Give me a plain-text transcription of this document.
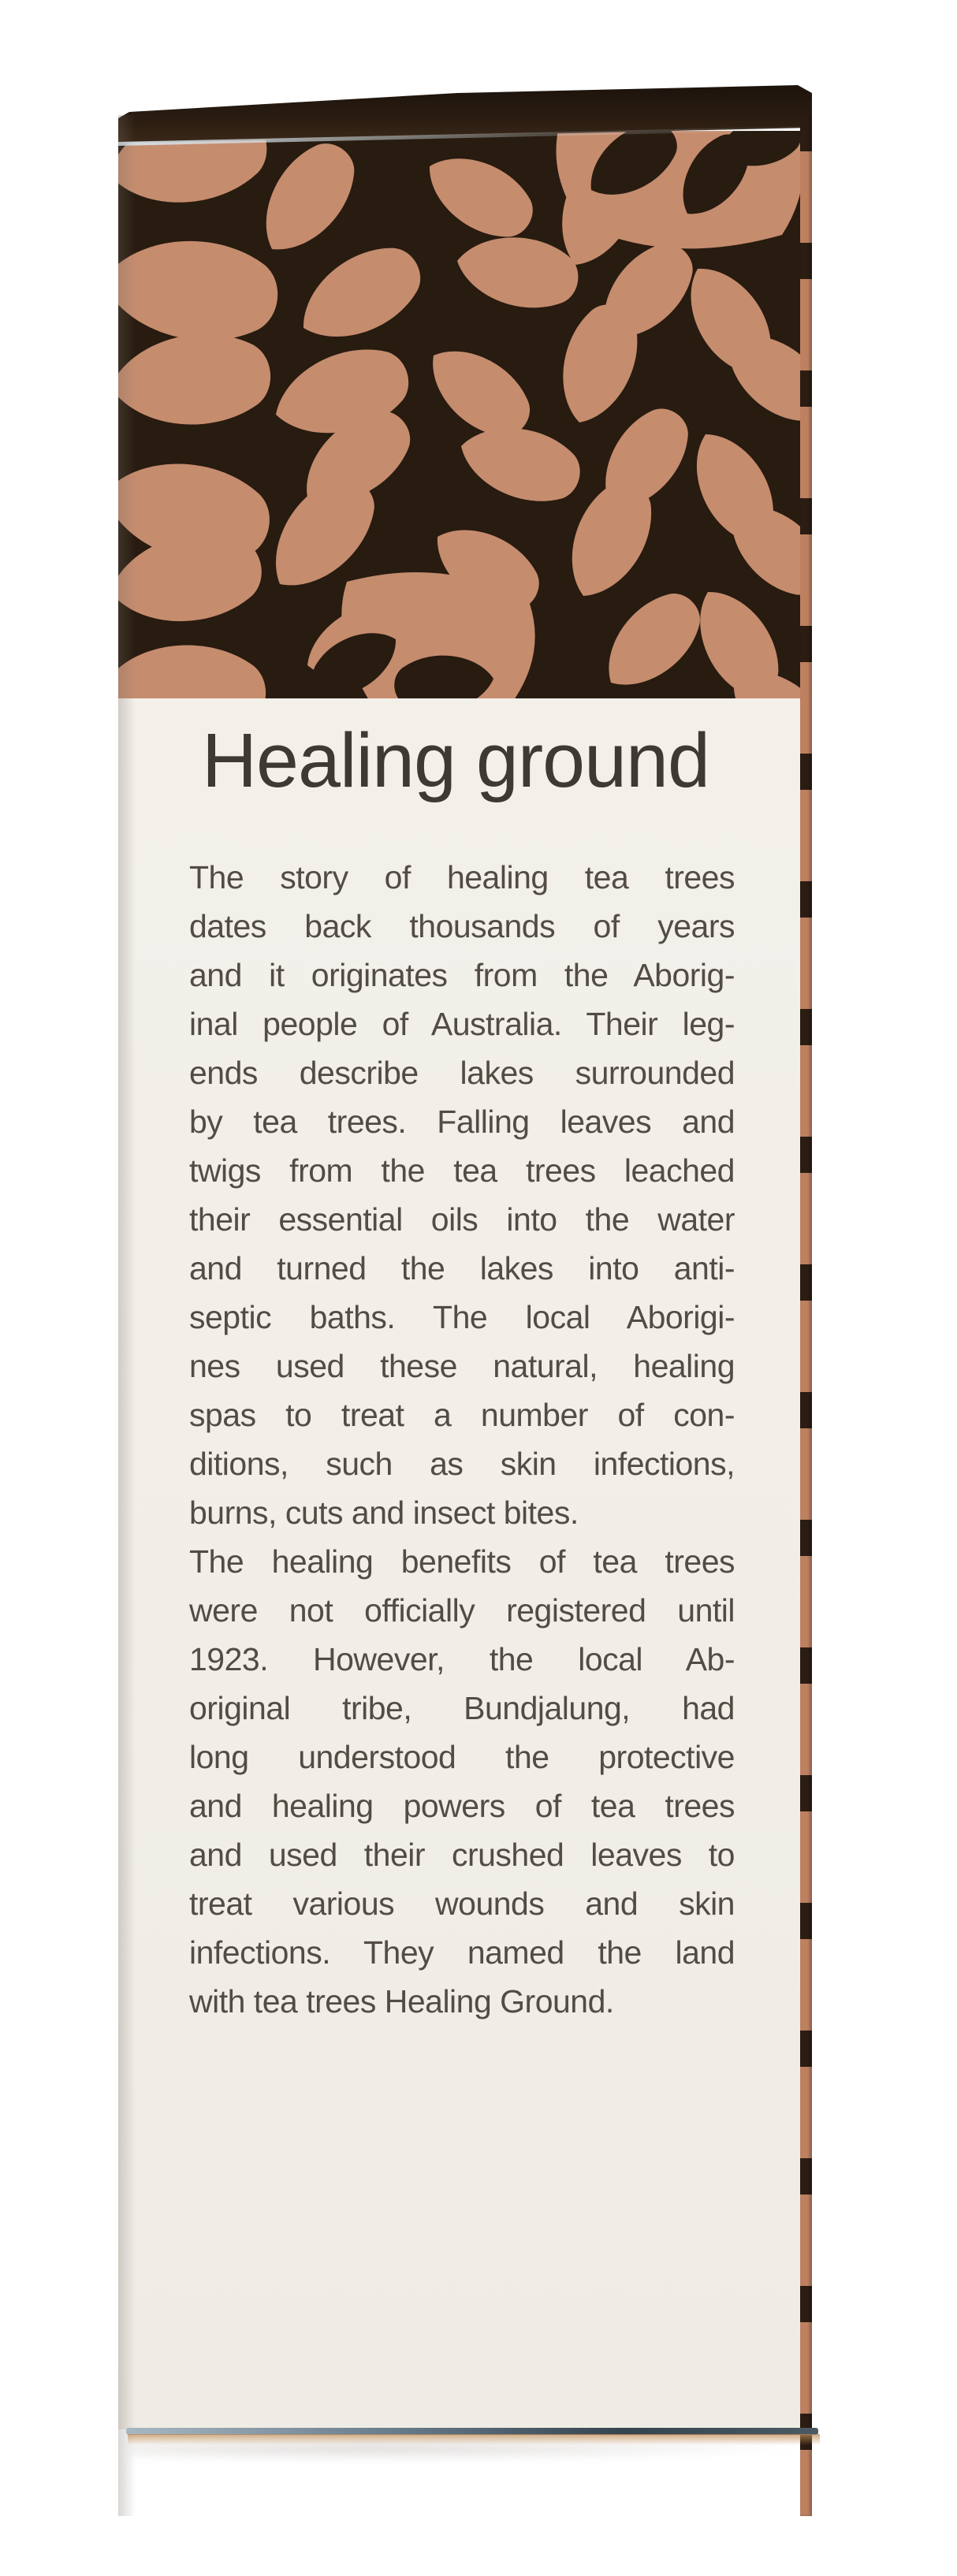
Healing ground
The story of healing tea trees
dates back thousands of years
and it originates from the Aborig-
inal people of Australia. Their leg-
ends describe lakes surrounded
by tea trees. Falling leaves and
twigs from the tea trees leached
their essential oils into the water
and turned the lakes into anti-
septic baths. The local Aborigi-
nes used these natural, healing
spas to treat a number of con-
ditions, such as skin infections,
burns, cuts and insect bites.
The healing benefits of tea trees
were not officially registered until
1923. However, the local Ab-
original tribe, Bundjalung, had
long understood the protective
and healing powers of tea trees
and used their crushed leaves to
treat various wounds and skin
infections. They named the land
with tea trees Healing Ground.
